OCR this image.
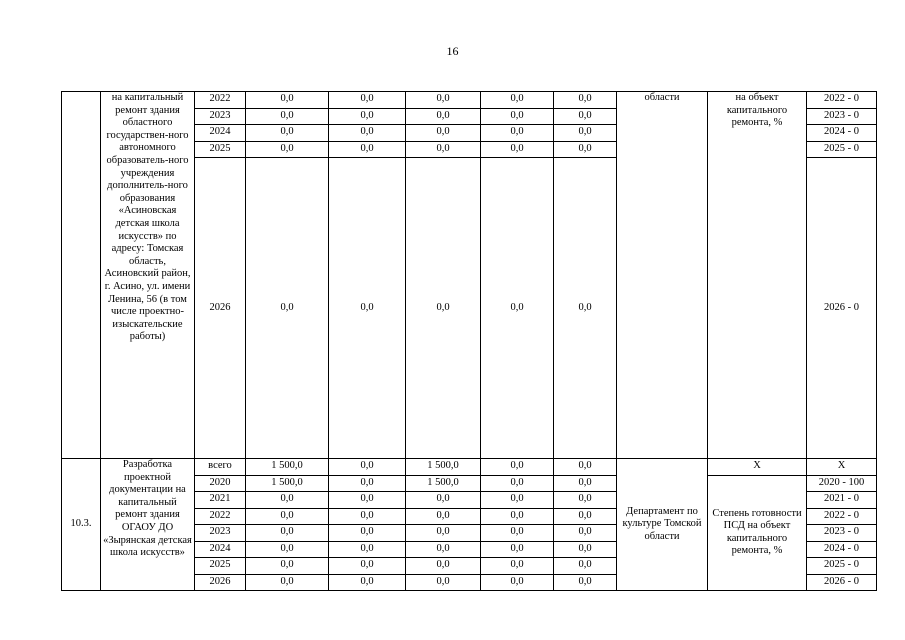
16
	на капитальный ремонт здания областного государствен-ного автономного образователь-ного учреждения дополнитель-ного образования «Асиновская детская школа искусств» по адресу: Томская область, Асиновский район, г. Асино, ул. имени Ленина, 56 (в том числе проектно-изыскательские работы)	2022	0,0	0,0	0,0	0,0	0,0	области	на объект капитального ремонта, %	2022 - 0
		2023	0,0	0,0	0,0	0,0	0,0			2023 - 0
		2024	0,0	0,0	0,0	0,0	0,0			2024 - 0
		2025	0,0	0,0	0,0	0,0	0,0			2025 - 0
		2026	0,0	0,0	0,0	0,0	0,0			2026 - 0
10.3.	Разработка проектной документации на капитальный ремонт здания ОГАОУ ДО «Зырянская детская школа искусств»	всего	1 500,0	0,0	1 500,0	0,0	0,0	Департамент по культуре Томской области	X	X
		2020	1 500,0	0,0	1 500,0	0,0	0,0		Степень готовности ПСД на объект капитального ремонта, %	2020 - 100
		2021	0,0	0,0	0,0	0,0	0,0			2021 - 0
		2022	0,0	0,0	0,0	0,0	0,0			2022 - 0
		2023	0,0	0,0	0,0	0,0	0,0			2023 - 0
		2024	0,0	0,0	0,0	0,0	0,0			2024 - 0
		2025	0,0	0,0	0,0	0,0	0,0			2025 - 0
		2026	0,0	0,0	0,0	0,0	0,0			2026 - 0
